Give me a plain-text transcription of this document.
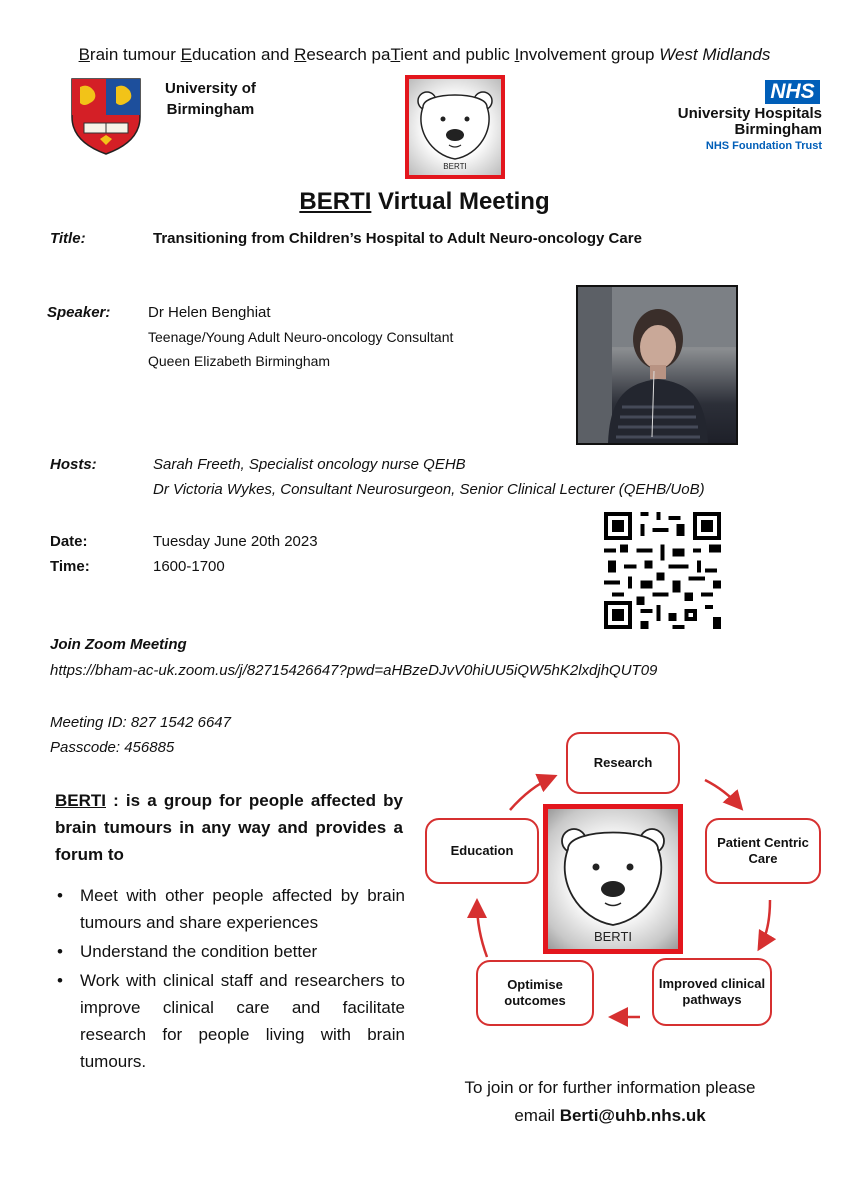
Brain tumour Education and Research paTient and public Involvement group West Midlands
University of
Birmingham
BERTI
NHS
University Hospitals
Birmingham
NHS Foundation Trust
BERTI Virtual Meeting
Title:	Transitioning from Children’s Hospital to Adult Neuro-oncology Care
Speaker:	Dr Helen Benghiat
Teenage/Young Adult Neuro-oncology Consultant
Queen Elizabeth Birmingham
Hosts:	Sarah Freeth, Specialist oncology nurse QEHB
Dr Victoria Wykes, Consultant Neurosurgeon, Senior Clinical Lecturer (QEHB/UoB)
Date:	Tuesday June 20th 2023
Time:	1600-1700
Join Zoom Meeting
https://bham-ac-uk.zoom.us/j/82715426647?pwd=aHBzeDJvV0hiUU5iQW5hK2lxdjhQUT09
Meeting ID: 827 1542 6647
Passcode: 456885
BERTI : is a group for people affected by brain tumours in any way and provides a forum to
• Meet with other people affected by brain tumours and share experiences
• Understand the condition better
• Work with clinical staff and researchers to improve clinical care and facilitate research for people living with brain tumours.
Research
Patient Centric Care
Improved clinical pathways
Optimise outcomes
Education
BERTI
To join or for further information please
email Berti@uhb.nhs.uk
